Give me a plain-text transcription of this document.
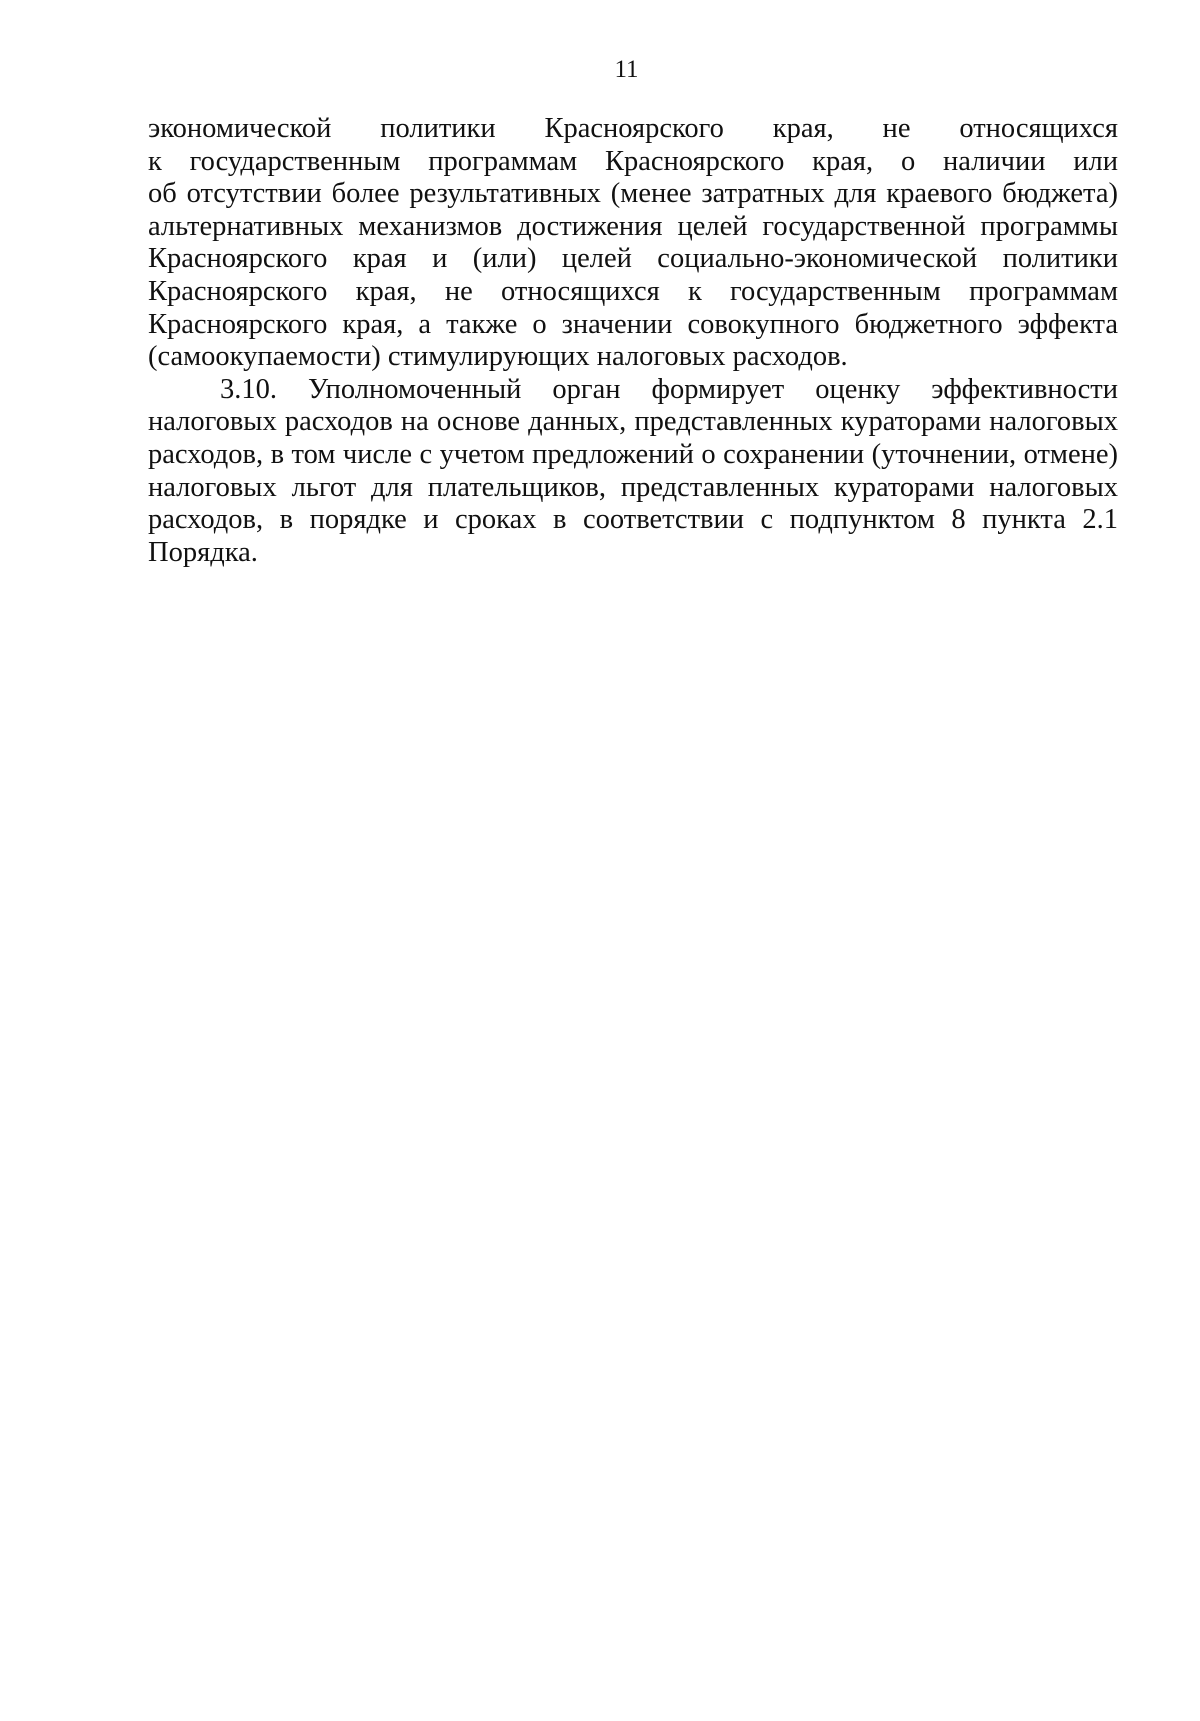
11
экономической политики Красноярского края, не относящихся
к государственным программам Красноярского края, о наличии или
об отсутствии более результативных (менее затратных для краевого бюджета)
альтернативных механизмов достижения целей государственной программы
Красноярского края и (или) целей социально-экономической политики
Красноярского края, не относящихся к государственным программам
Красноярского края, а также о значении совокупного бюджетного эффекта
(самоокупаемости) стимулирующих налоговых расходов.
3.10. Уполномоченный орган формирует оценку эффективности
налоговых расходов на основе данных, представленных кураторами налоговых
расходов, в том числе с учетом предложений о сохранении (уточнении, отмене)
налоговых льгот для плательщиков, представленных кураторами налоговых
расходов, в порядке и сроках в соответствии с подпунктом 8 пункта 2.1
Порядка.
